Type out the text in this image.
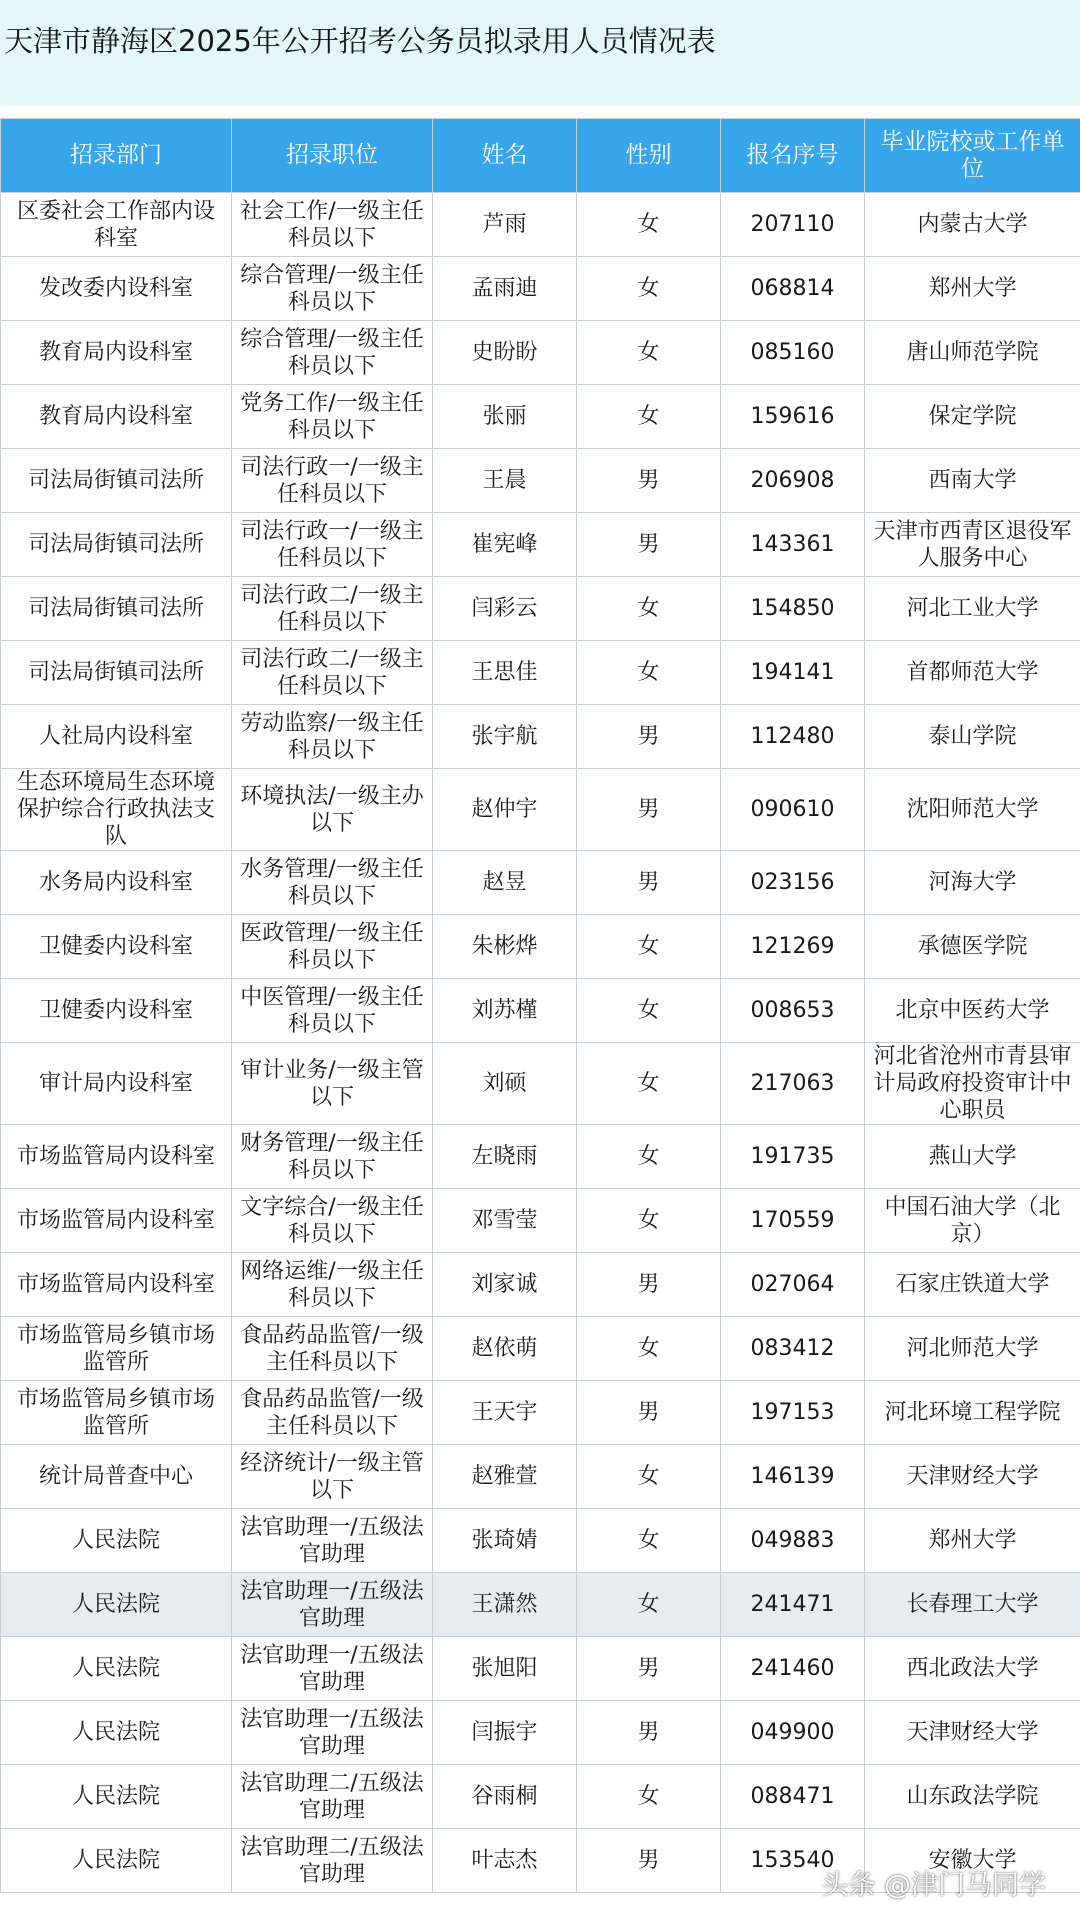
天津市静海区2025年公开招考公务员拟录用人员情况表
招录部门	招录职位	姓名	性别	报名序号	毕业院校或工作单位
区委社会工作部内设科室	社会工作/一级主任科员以下	芦雨	女	207110	内蒙古大学
发改委内设科室	综合管理/一级主任科员以下	孟雨迪	女	068814	郑州大学
教育局内设科室	综合管理/一级主任科员以下	史盼盼	女	085160	唐山师范学院
教育局内设科室	党务工作/一级主任科员以下	张丽	女	159616	保定学院
司法局街镇司法所	司法行政一/一级主任科员以下	王晨	男	206908	西南大学
司法局街镇司法所	司法行政一/一级主任科员以下	崔宪峰	男	143361	天津市西青区退役军人服务中心
司法局街镇司法所	司法行政二/一级主任科员以下	闫彩云	女	154850	河北工业大学
司法局街镇司法所	司法行政二/一级主任科员以下	王思佳	女	194141	首都师范大学
人社局内设科室	劳动监察/一级主任科员以下	张宇航	男	112480	泰山学院
生态环境局生态环境保护综合行政执法支队	环境执法/一级主办以下	赵仲宇	男	090610	沈阳师范大学
水务局内设科室	水务管理/一级主任科员以下	赵昱	男	023156	河海大学
卫健委内设科室	医政管理/一级主任科员以下	朱彬烨	女	121269	承德医学院
卫健委内设科室	中医管理/一级主任科员以下	刘苏槿	女	008653	北京中医药大学
审计局内设科室	审计业务/一级主管以下	刘硕	女	217063	河北省沧州市青县审计局政府投资审计中心职员
市场监管局内设科室	财务管理/一级主任科员以下	左晓雨	女	191735	燕山大学
市场监管局内设科室	文字综合/一级主任科员以下	邓雪莹	女	170559	中国石油大学（北京）
市场监管局内设科室	网络运维/一级主任科员以下	刘家诚	男	027064	石家庄铁道大学
市场监管局乡镇市场监管所	食品药品监管/一级主任科员以下	赵依萌	女	083412	河北师范大学
市场监管局乡镇市场监管所	食品药品监管/一级主任科员以下	王天宇	男	197153	河北环境工程学院
统计局普查中心	经济统计/一级主管以下	赵雅萱	女	146139	天津财经大学
人民法院	法官助理一/五级法官助理	张琦婧	女	049883	郑州大学
人民法院	法官助理一/五级法官助理	王潇然	女	241471	长春理工大学
人民法院	法官助理一/五级法官助理	张旭阳	男	241460	西北政法大学
人民法院	法官助理一/五级法官助理	闫振宇	男	049900	天津财经大学
人民法院	法官助理二/五级法官助理	谷雨桐	女	088471	山东政法学院
人民法院	法官助理二/五级法官助理	叶志杰	男	153540	安徽大学
头条 @津门马同学
